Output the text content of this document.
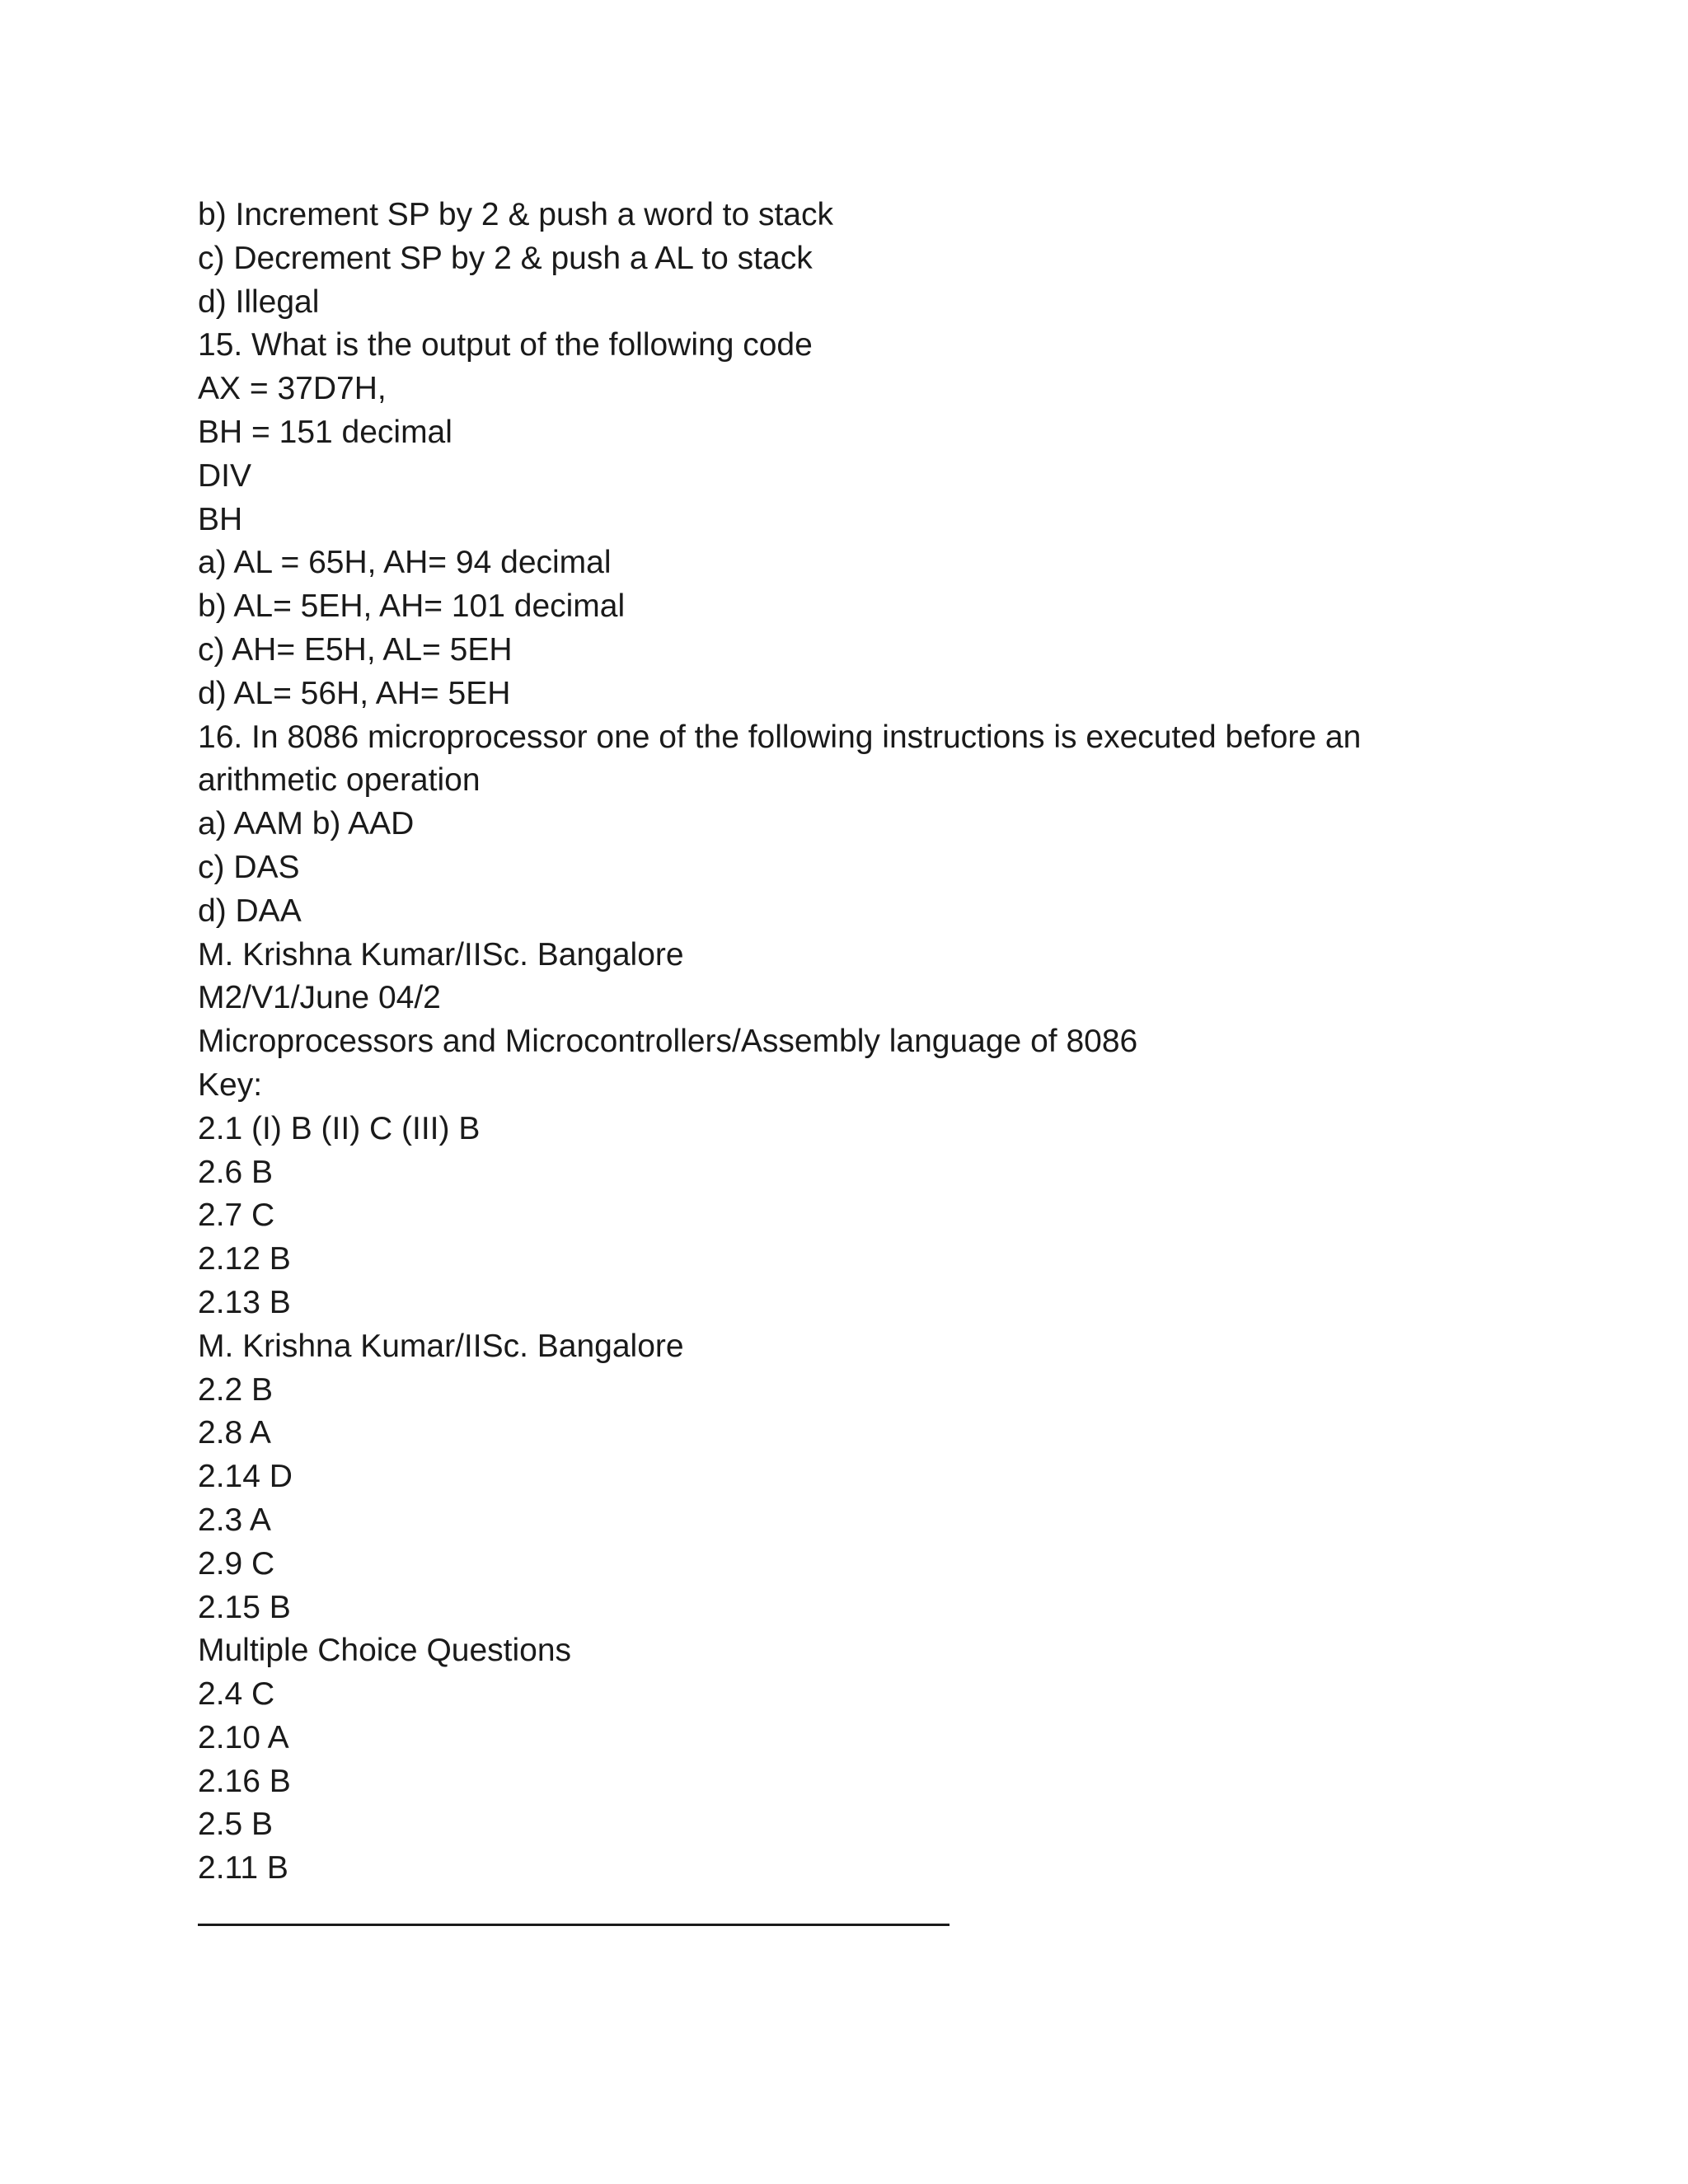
b) Increment SP by 2 & push a word to stack

c) Decrement SP by 2 & push a AL to stack

d) Illegal

15. What is the output of the following code

AX = 37D7H,

BH = 151 decimal

DIV

BH

a) AL = 65H, AH= 94 decimal

b) AL= 5EH, AH= 101 decimal

c) AH= E5H, AL= 5EH

d) AL= 56H, AH= 5EH

16. In 8086 microprocessor one of the following instructions is executed before an

arithmetic operation

a) AAM b) AAD

c) DAS

d) DAA

M. Krishna Kumar/IISc. Bangalore

M2/V1/June 04/2

Microprocessors and Microcontrollers/Assembly language of 8086

Key:

2.1 (I) B (II) C (III) B

2.6 B

2.7 C

2.12 B

2.13 B

M. Krishna Kumar/IISc. Bangalore

2.2 B

2.8 A

2.14 D

2.3 A

2.9 C

2.15 B

Multiple Choice Questions

2.4 C

2.10 A

2.16 B

2.5 B

2.11 B
